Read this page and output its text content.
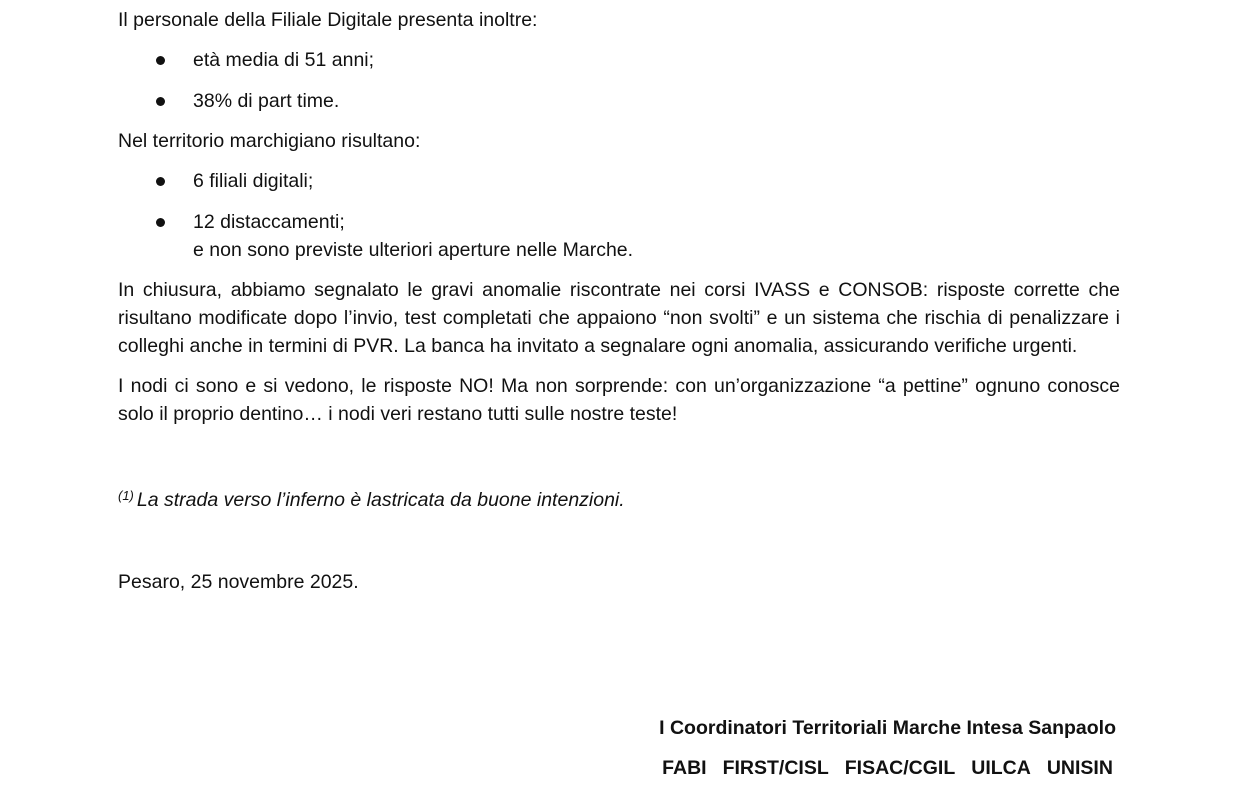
Il personale della Filiale Digitale presenta inoltre:

età media di 51 anni;
38% di part time.

Nel territorio marchigiano risultano:

6 filiali digitali;
12 distaccamenti;
e non sono previste ulteriori aperture nelle Marche.

In chiusura, abbiamo segnalato le gravi anomalie riscontrate nei corsi IVASS e CONSOB: risposte corrette che risultano modificate dopo l’invio, test completati che appaiono “non svolti” e un sistema che rischia di penalizzare i colleghi anche in termini di PVR. La banca ha invitato a segnalare ogni anomalia, assicurando verifiche urgenti.

I nodi ci sono e si vedono, le risposte NO! Ma non sorprende: con un’organizzazione “a pettine” ognuno conosce solo il proprio dentino… i nodi veri restano tutti sulle nostre teste!

$^{(1)}$ La strada verso l’inferno è lastricata da buone intenzioni.

Pesaro, 25 novembre 2025.

I Coordinatori Territoriali Marche Intesa Sanpaolo
FABI FIRST/CISL FISAC/CGIL UILCA UNISIN
